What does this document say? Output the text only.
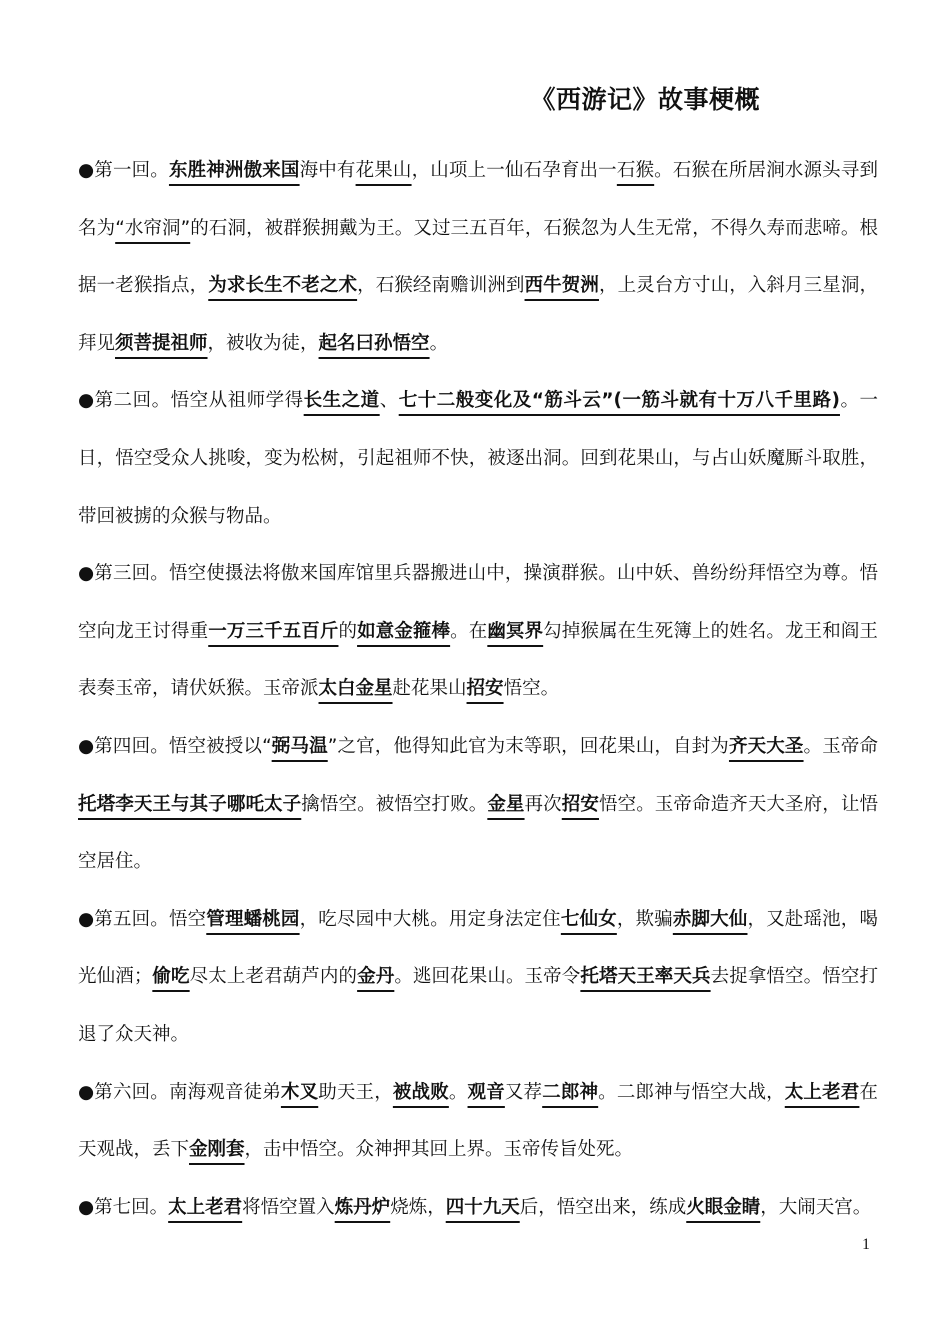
《西游记》故事梗概

●第一回。东胜神洲傲来国海中有花果山，山项上一仙石孕育出一石猴。石猴在所居涧水源头寻到名为“水帘洞”的石洞，被群猴拥戴为王。又过三五百年，石猴忽为人生无常，不得久寿而悲啼。根据一老猴指点，为求长生不老之术，石猴经南赡训洲到西牛贺洲，上灵台方寸山，入斜月三星洞，拜见须菩提祖师，被收为徒，起名曰孙悟空。

●第二回。悟空从祖师学得长生之道、七十二般变化及“筋斗云”(一筋斗就有十万八千里路)。一日，悟空受众人挑唆，变为松树，引起祖师不快，被逐出洞。回到花果山，与占山妖魔厮斗取胜，带回被掳的众猴与物品。

●第三回。悟空使摄法将傲来国库馆里兵器搬进山中，操演群猴。山中妖、兽纷纷拜悟空为尊。悟空向龙王讨得重一万三千五百斤的如意金箍棒。在幽冥界勾掉猴属在生死簿上的姓名。龙王和阎王表奏玉帝，请伏妖猴。玉帝派太白金星赴花果山招安悟空。

●第四回。悟空被授以“弼马温”之官，他得知此官为末等职，回花果山，自封为齐天大圣。玉帝命托塔李天王与其子哪吒太子擒悟空。被悟空打败。金星再次招安悟空。玉帝命造齐天大圣府，让悟空居住。

●第五回。悟空管理蟠桃园，吃尽园中大桃。用定身法定住七仙女，欺骗赤脚大仙，又赴瑶池，喝光仙酒；偷吃尽太上老君葫芦内的金丹。逃回花果山。玉帝令托塔天王率天兵去捉拿悟空。悟空打退了众天神。

●第六回。南海观音徒弟木叉助天王，被战败。观音又荐二郎神。二郎神与悟空大战，太上老君在天观战，丢下金刚套，击中悟空。众神押其回上界。玉帝传旨处死。

●第七回。太上老君将悟空置入炼丹炉烧炼，四十九天后，悟空出来，练成火眼金睛，大闹天宫。

1
